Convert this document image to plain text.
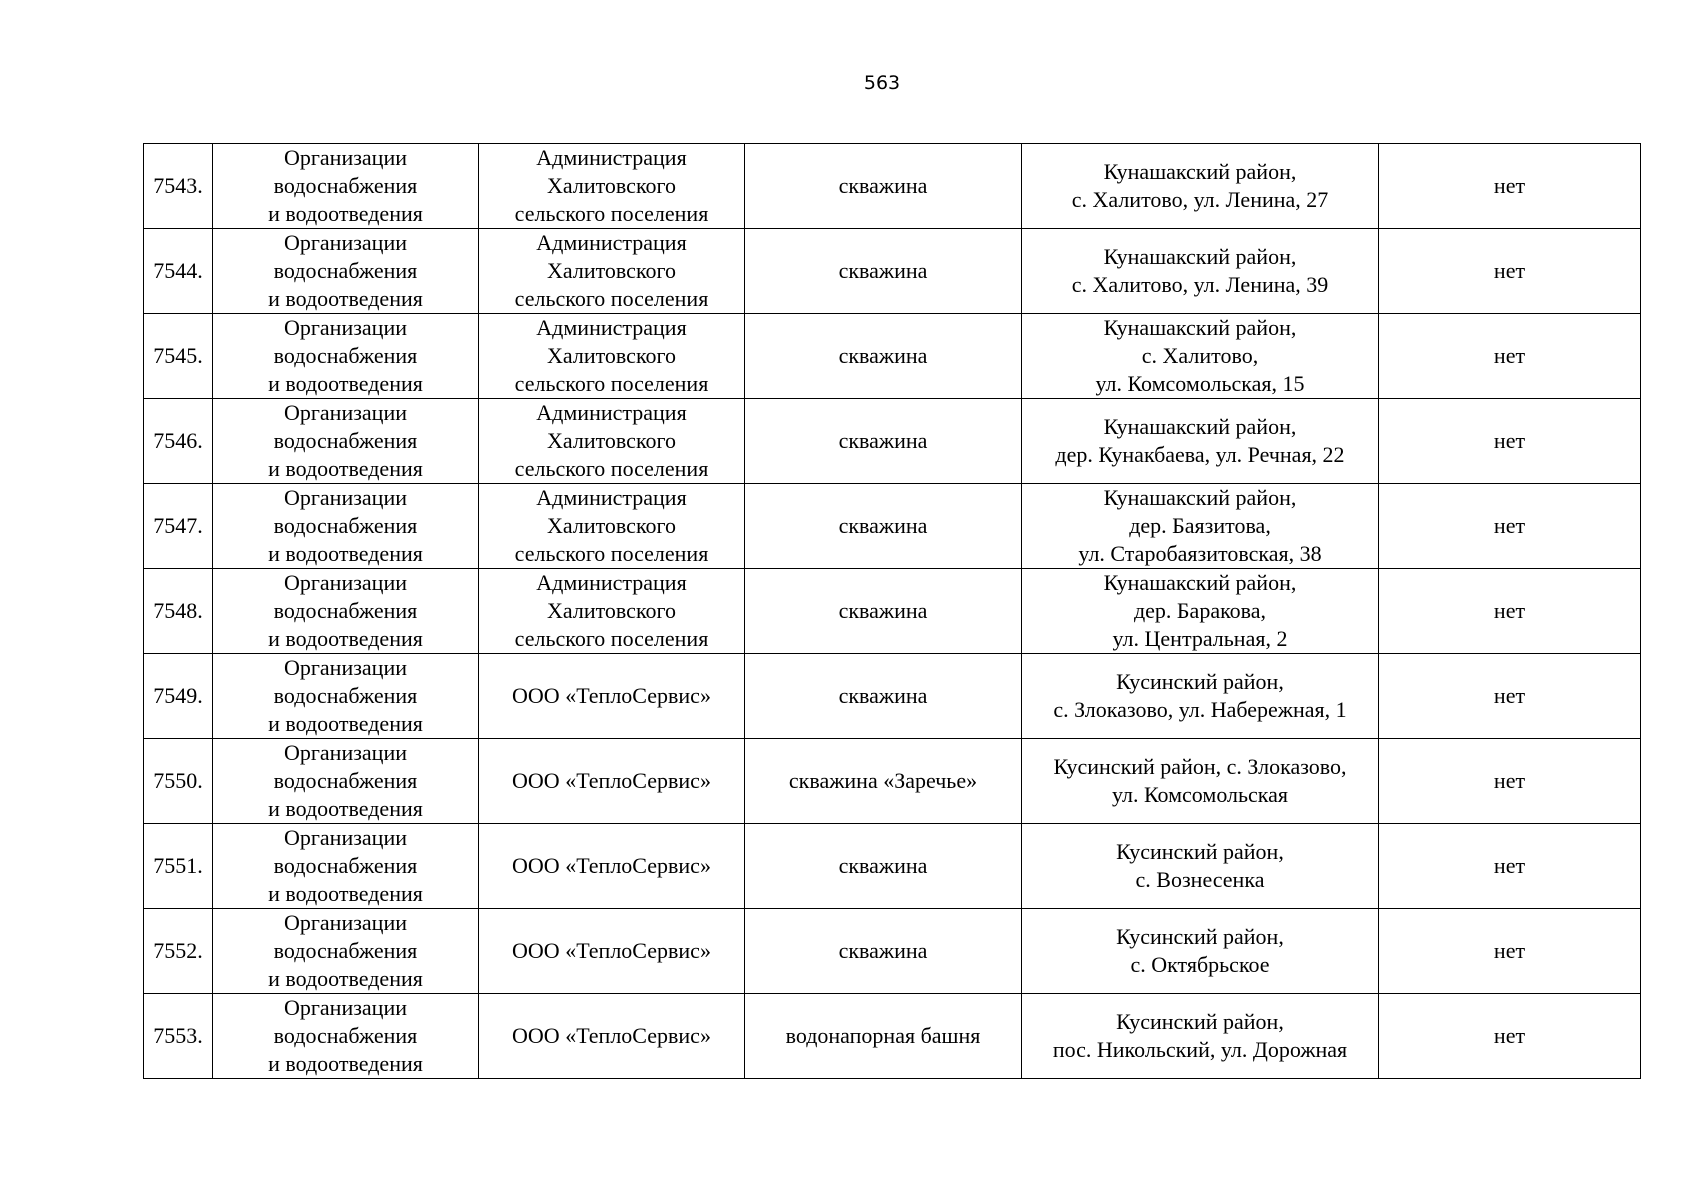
563
7543.	Организации
водоснабжения
и водоотведения	Администрация
Халитовского
сельского поселения	скважина	Кунашакский район,
с. Халитово, ул. Ленина, 27	нет
7544.	Организации
водоснабжения
и водоотведения	Администрация
Халитовского
сельского поселения	скважина	Кунашакский район,
с. Халитово, ул. Ленина, 39	нет
7545.	Организации
водоснабжения
и водоотведения	Администрация
Халитовского
сельского поселения	скважина	Кунашакский район,
с. Халитово,
ул. Комсомольская, 15	нет
7546.	Организации
водоснабжения
и водоотведения	Администрация
Халитовского
сельского поселения	скважина	Кунашакский район,
дер. Кунакбаева, ул. Речная, 22	нет
7547.	Организации
водоснабжения
и водоотведения	Администрация
Халитовского
сельского поселения	скважина	Кунашакский район,
дер. Баязитова,
ул. Старобаязитовская, 38	нет
7548.	Организации
водоснабжения
и водоотведения	Администрация
Халитовского
сельского поселения	скважина	Кунашакский район,
дер. Баракова,
ул. Центральная, 2	нет
7549.	Организации
водоснабжения
и водоотведения	ООО «ТеплоСервис»	скважина	Кусинский район,
с. Злоказово, ул. Набережная, 1	нет
7550.	Организации
водоснабжения
и водоотведения	ООО «ТеплоСервис»	скважина «Заречье»	Кусинский район, с. Злоказово,
ул. Комсомольская	нет
7551.	Организации
водоснабжения
и водоотведения	ООО «ТеплоСервис»	скважина	Кусинский район,
с. Вознесенка	нет
7552.	Организации
водоснабжения
и водоотведения	ООО «ТеплоСервис»	скважина	Кусинский район,
с. Октябрьское	нет
7553.	Организации
водоснабжения
и водоотведения	ООО «ТеплоСервис»	водонапорная башня	Кусинский район,
пос. Никольский, ул. Дорожная	нет
